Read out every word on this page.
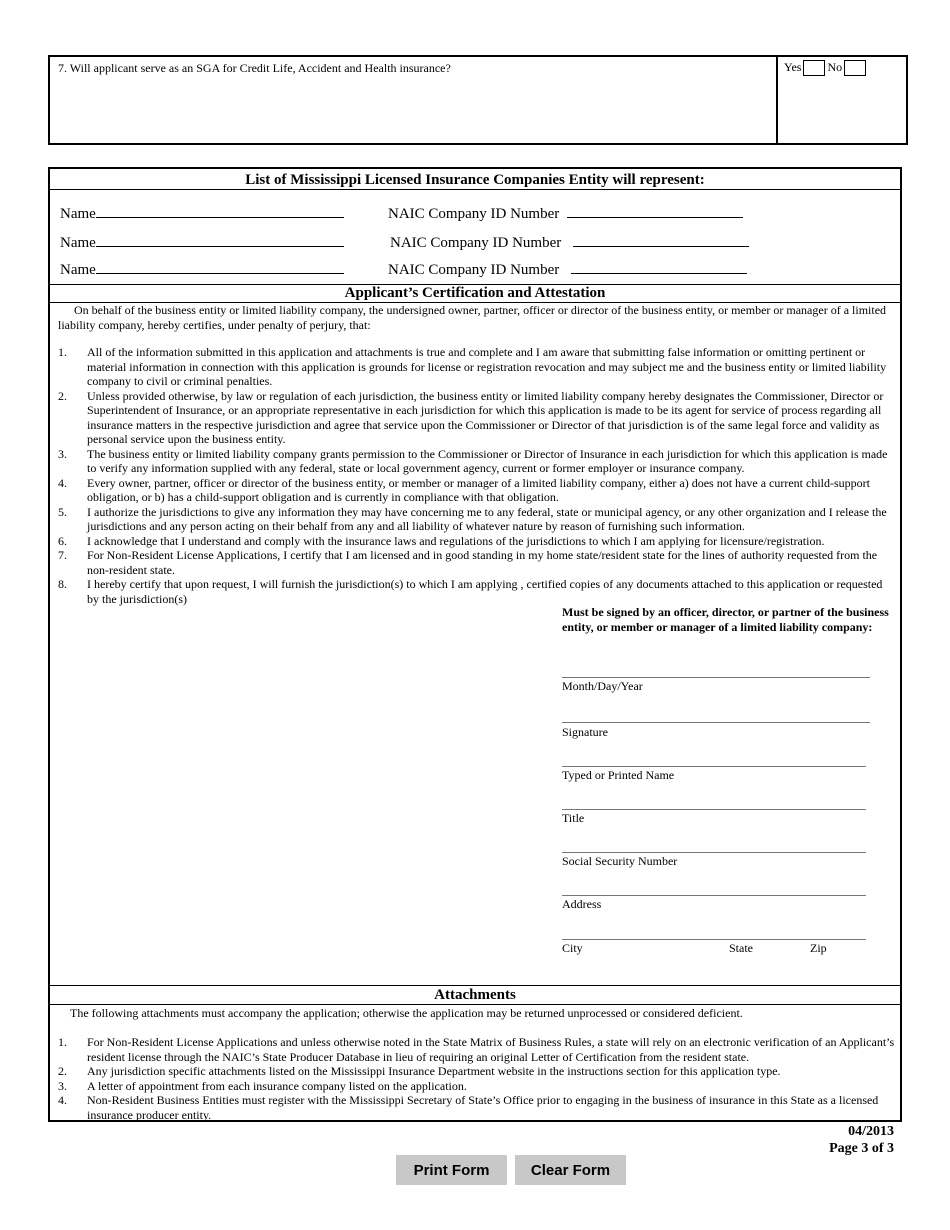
7. Will applicant serve as an SGA for Credit Life, Accident and Health insurance?	Yes No
List of Mississippi Licensed Insurance Companies Entity will represent:
Name	NAIC Company ID Number
Name	NAIC Company ID Number
Name	NAIC Company ID Number
Applicant’s Certification and Attestation
On behalf of the business entity or limited liability company, the undersigned owner, partner, officer or director of the business entity, or member or manager of a limited liability company, hereby certifies, under penalty of perjury, that:
1. All of the information submitted in this application and attachments is true and complete and I am aware that submitting false information or omitting pertinent or material information in connection with this application is grounds for license or registration revocation and may subject me and the business entity or limited liability company to civil or criminal penalties.
2. Unless provided otherwise, by law or regulation of each jurisdiction, the business entity or limited liability company hereby designates the Commissioner, Director or Superintendent of Insurance, or an appropriate representative in each jurisdiction for which this application is made to be its agent for service of process regarding all insurance matters in the respective jurisdiction and agree that service upon the Commissioner or Director of that jurisdiction is of the same legal force and validity as personal service upon the business entity.
3. The business entity or limited liability company grants permission to the Commissioner or Director of Insurance in each jurisdiction for which this application is made to verify any information supplied with any federal, state or local government agency, current or former employer or insurance company.
4. Every owner, partner, officer or director of the business entity, or member or manager of a limited liability company, either a) does not have a current child-support obligation, or b) has a child-support obligation and is currently in compliance with that obligation.
5. I authorize the jurisdictions to give any information they may have concerning me to any federal, state or municipal agency, or any other organization and I release the jurisdictions and any person acting on their behalf from any and all liability of whatever nature by reason of furnishing such information.
6. I acknowledge that I understand and comply with the insurance laws and regulations of the jurisdictions to which I am applying for licensure/registration.
7. For Non-Resident License Applications, I certify that I am licensed and in good standing in my home state/resident state for the lines of authority requested from the non-resident state.
8. I hereby certify that upon request, I will furnish the jurisdiction(s) to which I am applying , certified copies of any documents attached to this application or requested by the jurisdiction(s)
Must be signed by an officer, director, or partner of the business entity, or member or manager of a limited liability company:
Month/Day/Year
Signature
Typed or Printed Name
Title
Social Security Number
Address
City	State	Zip
Attachments
The following attachments must accompany the application; otherwise the application may be returned unprocessed or considered deficient.
1. For Non-Resident License Applications and unless otherwise noted in the State Matrix of Business Rules, a state will rely on an electronic verification of an Applicant’s resident license through the NAIC’s State Producer Database in lieu of requiring an original Letter of Certification from the resident state.
2. Any jurisdiction specific attachments listed on the Mississippi Insurance Department website in the instructions section for this application type.
3. A letter of appointment from each insurance company listed on the application.
4. Non-Resident Business Entities must register with the Mississippi Secretary of State’s Office prior to engaging in the business of insurance in this State as a licensed insurance producer entity.
04/2013
Page 3 of 3
Print Form	Clear Form
